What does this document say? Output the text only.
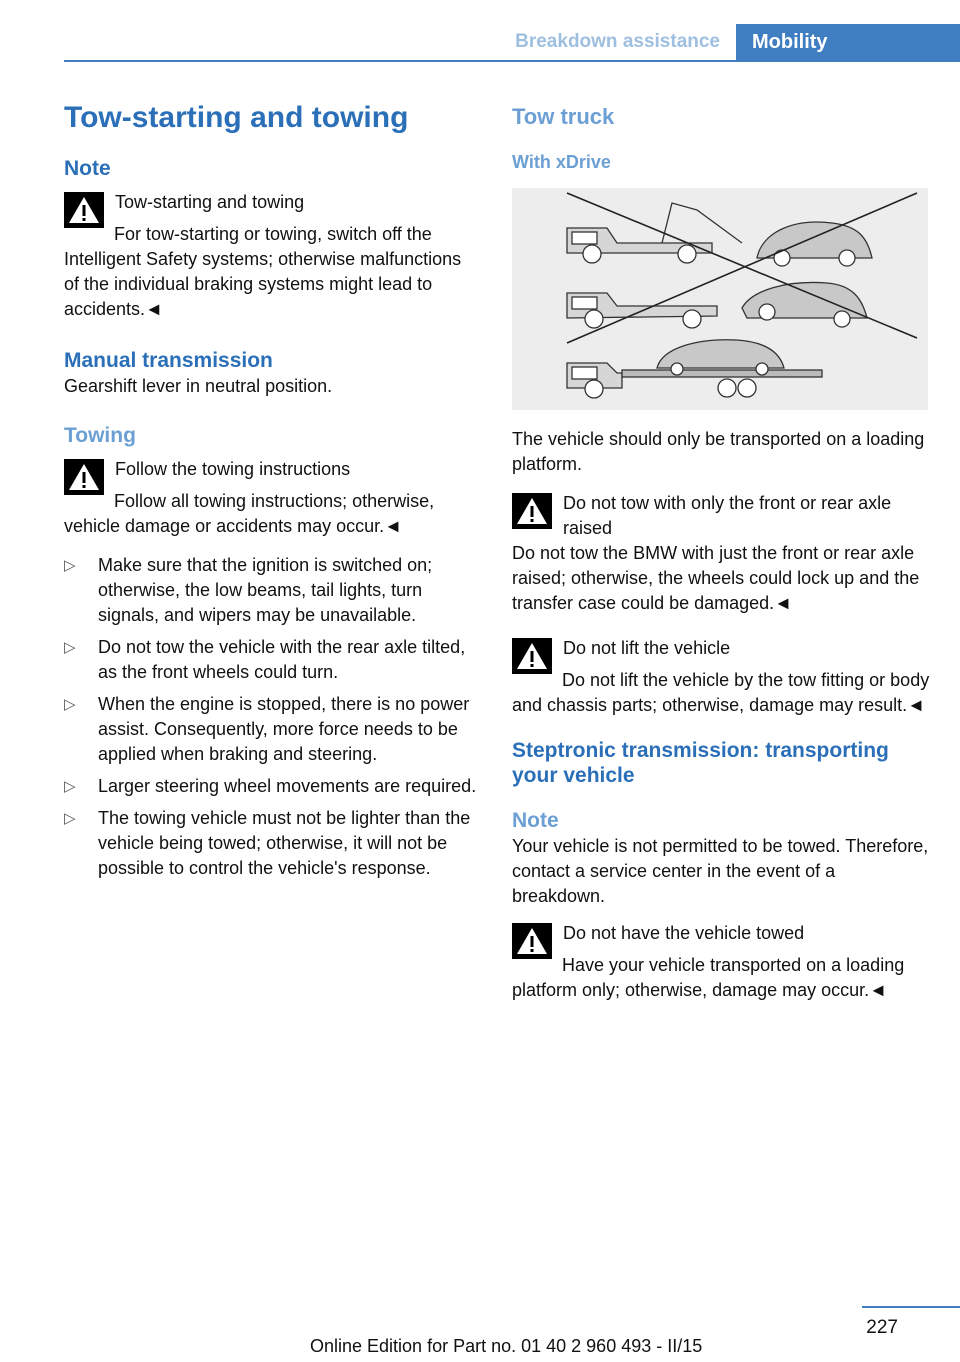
Breakdown assistance	Mobility
Tow-starting and towing
Note
Tow-starting and towing
For tow-starting or towing, switch off the Intelligent Safety systems; otherwise malfunctions of the individual braking systems might lead to accidents.◄
Manual transmission
Gearshift lever in neutral position.
Towing
Follow the towing instructions
Follow all towing instructions; otherwise, vehicle damage or accidents may occur.◄
▷ Make sure that the ignition is switched on; otherwise, the low beams, tail lights, turn signals, and wipers may be unavailable.
▷ Do not tow the vehicle with the rear axle tilted, as the front wheels could turn.
▷ When the engine is stopped, there is no power assist. Consequently, more force needs to be applied when braking and steering.
▷ Larger steering wheel movements are required.
▷ The towing vehicle must not be lighter than the vehicle being towed; otherwise, it will not be possible to control the vehicle's response.
Tow truck
With xDrive
The vehicle should only be transported on a loading platform.
Do not tow with only the front or rear axle raised
Do not tow the BMW with just the front or rear axle raised; otherwise, the wheels could lock up and the transfer case could be damaged.◄
Do not lift the vehicle
Do not lift the vehicle by the tow fitting or body and chassis parts; otherwise, damage may result.◄
Steptronic transmission: transporting your vehicle
Note
Your vehicle is not permitted to be towed. Therefore, contact a service center in the event of a breakdown.
Do not have the vehicle towed
Have your vehicle transported on a loading platform only; otherwise, damage may occur.◄
227
Online Edition for Part no. 01 40 2 960 493 - II/15
